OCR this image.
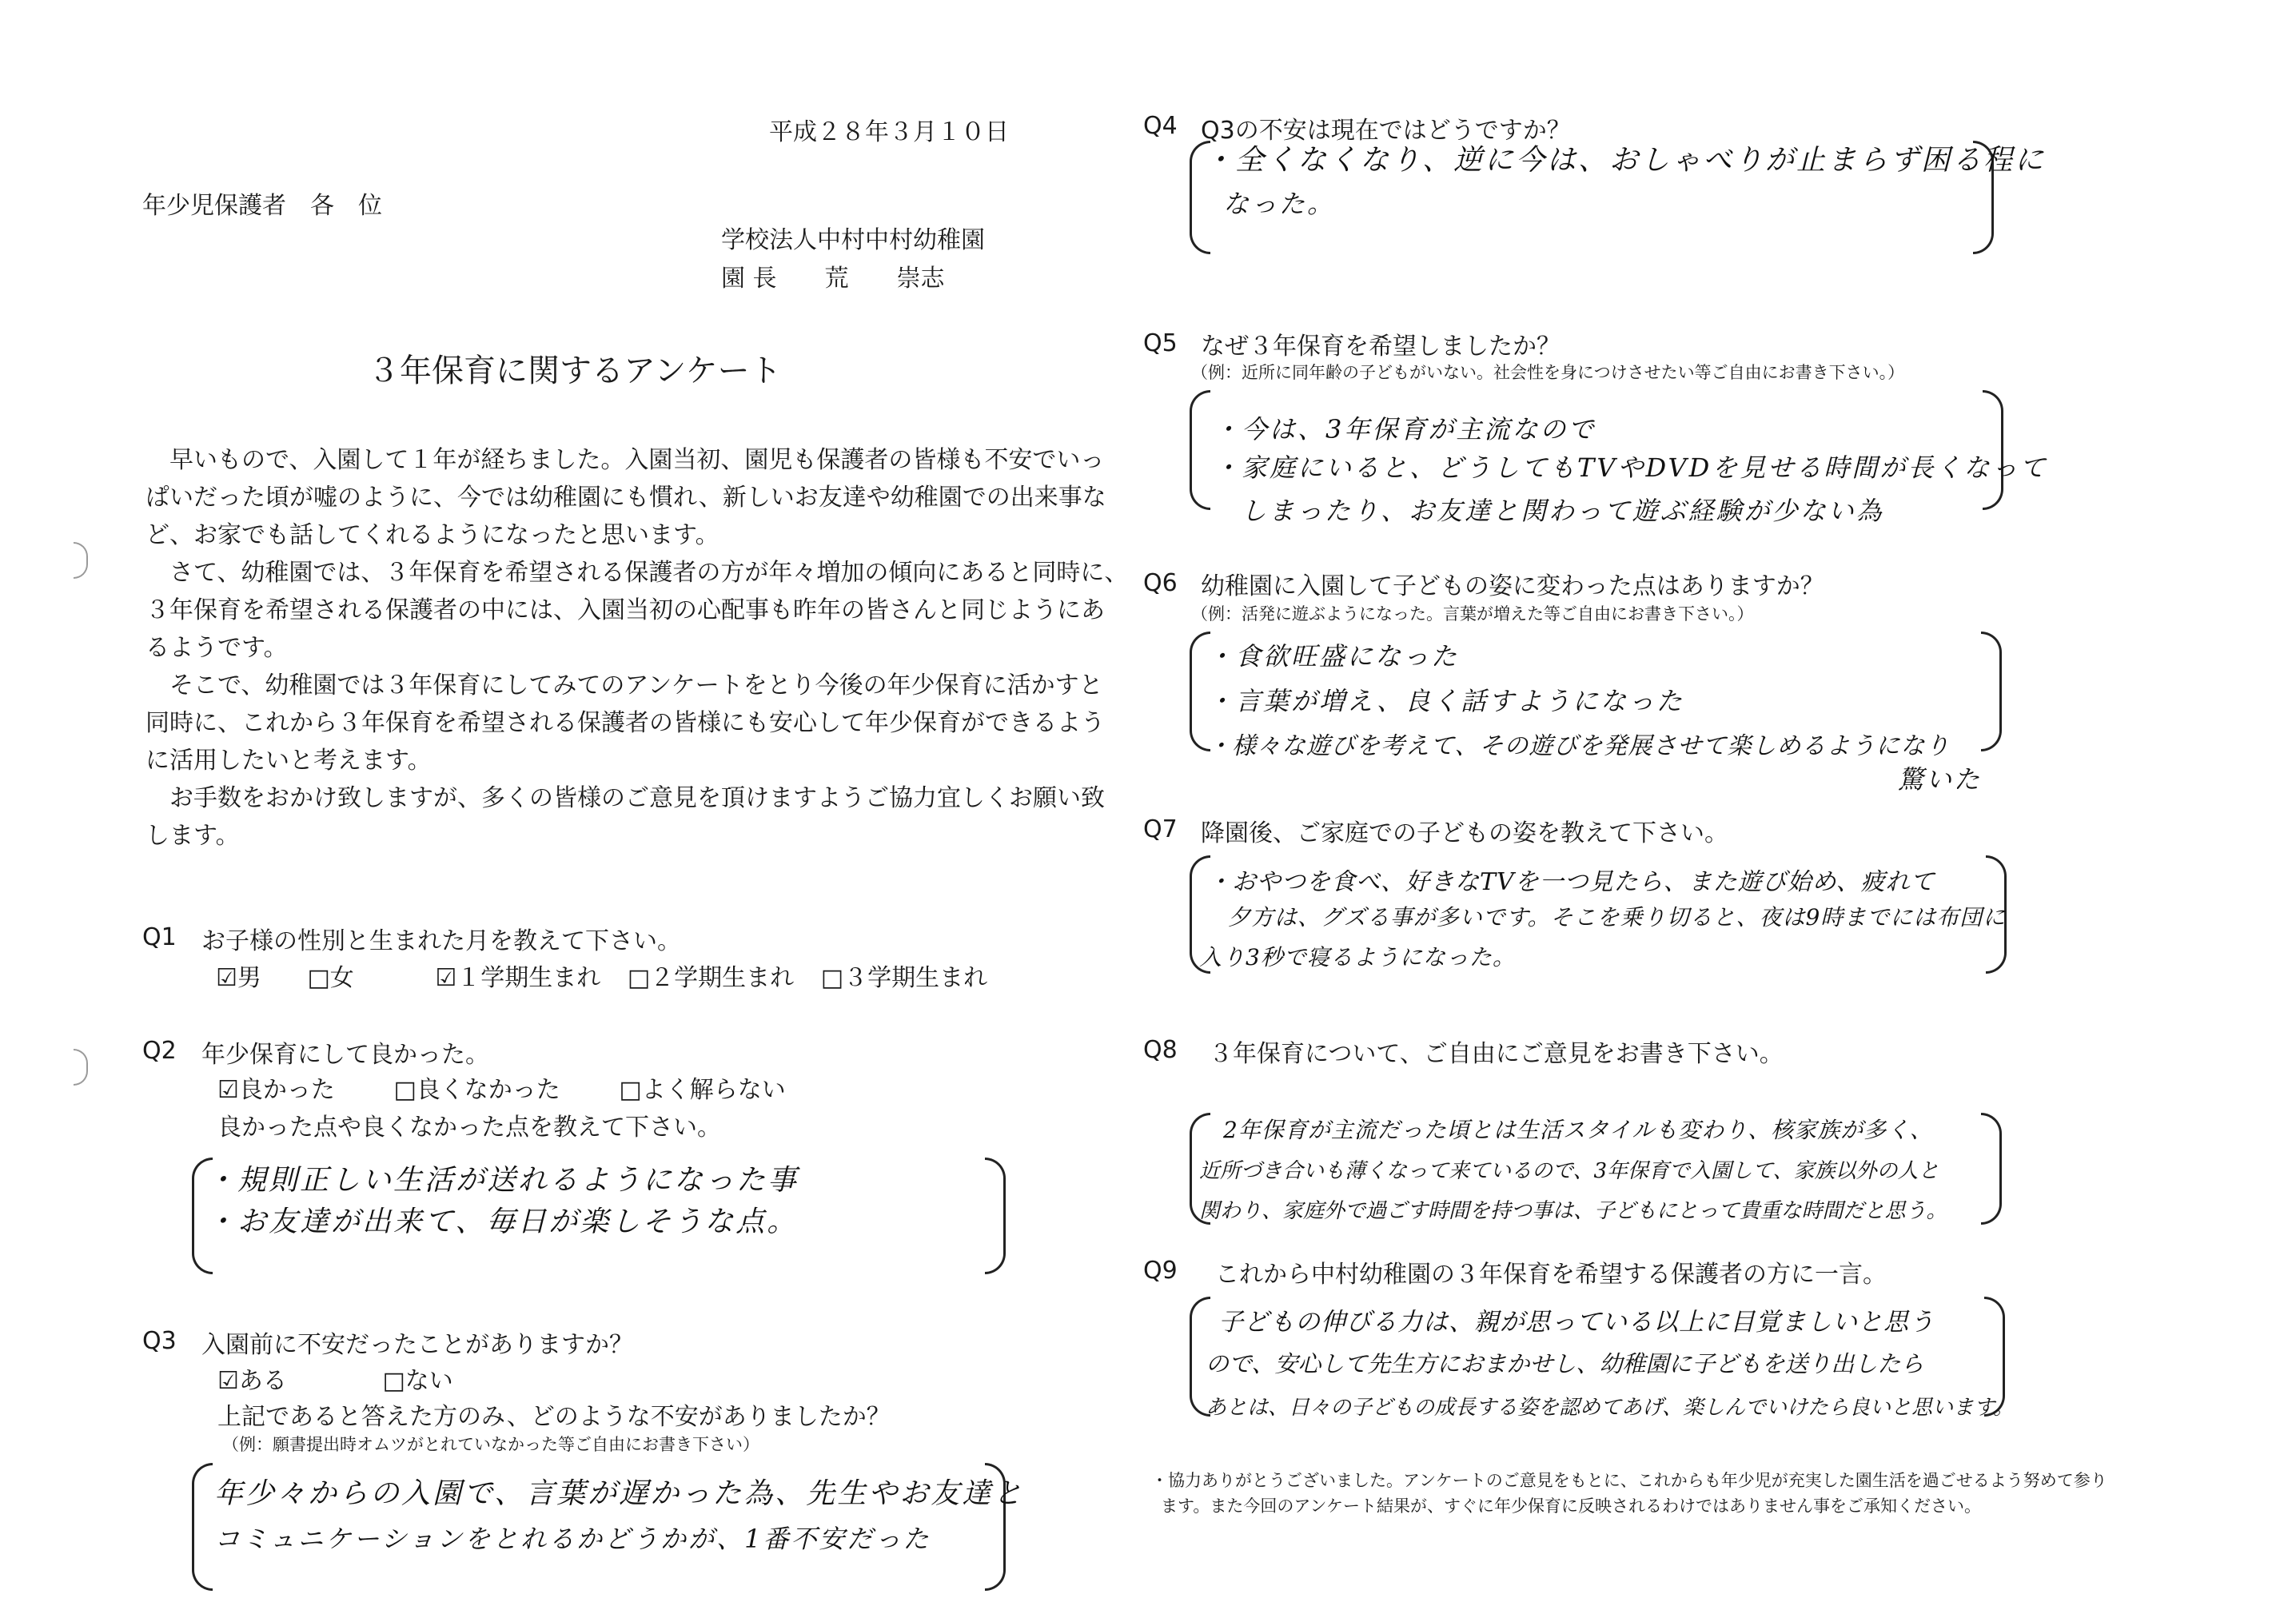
平成２８年３月１０日
年少児保護者　各　位
学校法人中村中村幼稚園
園 長　　荒　　崇志
３年保育に関するアンケート
　早いもので、入園して１年が経ちました。入園当初、園児も保護者の皆様も不安でいっ
ぱいだった頃が嘘のように、今では幼稚園にも慣れ、新しいお友達や幼稚園での出来事な
ど、お家でも話してくれるようになったと思います。
　さて、幼稚園では、３年保育を希望される保護者の方が年々増加の傾向にあると同時に、
３年保育を希望される保護者の中には、入園当初の心配事も昨年の皆さんと同じようにあ
るようです。
　そこで、幼稚園では３年保育にしてみてのアンケートをとり今後の年少保育に活かすと
同時に、これから３年保育を希望される保護者の皆様にも安心して年少保育ができるよう
に活用したいと考えます。
　お手数をおかけ致しますが、多くの皆様のご意見を頂けますようご協力宜しくお願い致
します。
Q1 お子様の性別と生まれた月を教えて下さい。
☑男 □女	☑１学期生まれ □２学期生まれ □３学期生まれ
Q2 年少保育にして良かった。
☑良かった □良くなかった □よく解らない
良かった点や良くなかった点を教えて下さい。
・規則正しい生活が送れるようになった事
・お友達が出来て、毎日が楽しそうな点。
Q3 入園前に不安だったことがありますか？
☑ある	□ない
上記であると答えた方のみ、どのような不安がありましたか？
（例：願書提出時オムツがとれていなかった等ご自由にお書き下さい）
年少々からの入園で、言葉が遅かった為、先生やお友達と
コミュニケーションをとれるかどうかが、1番不安だった
Q4 Q3の不安は現在ではどうですか？
・全くなくなり、逆に今は、おしゃべりが止まらず困る程に
なった。
Q5 なぜ３年保育を希望しましたか？
（例：近所に同年齢の子どもがいない。社会性を身につけさせたい等ご自由にお書き下さい。）
・今は、3年保育が主流なので
・家庭にいると、どうしてもTVやDVDを見せる時間が長くなって
しまったり、お友達と関わって遊ぶ経験が少ない為
Q6 幼稚園に入園して子どもの姿に変わった点はありますか？
（例：活発に遊ぶようになった。言葉が増えた等ご自由にお書き下さい。）
・食欲旺盛になった
・言葉が増え、良く話すようになった
・様々な遊びを考えて、その遊びを発展させて楽しめるようになり
驚いた
Q7 降園後、ご家庭での子どもの姿を教えて下さい。
・おやつを食べ、好きなTVを一つ見たら、また遊び始め、疲れて
夕方は、グズる事が多いです。そこを乗り切ると、夜は9時までには布団に
入り3秒で寝るようになった。
Q8 ３年保育について、ご自由にご意見をお書き下さい。
2年保育が主流だった頃とは生活スタイルも変わり、核家族が多く、
近所づき合いも薄くなって来ているので、3年保育で入園して、家族以外の人と
関わり、家庭外で過ごす時間を持つ事は、子どもにとって貴重な時間だと思う。
Q9 これから中村幼稚園の３年保育を希望する保護者の方に一言。
子どもの伸びる力は、親が思っている以上に目覚ましいと思う
ので、安心して先生方におまかせし、幼稚園に子どもを送り出したら
あとは、日々の子どもの成長する姿を認めてあげ、楽しんでいけたら良いと思います。
・協力ありがとうございました。アンケートのご意見をもとに、これからも年少児が充実した園生活を過ごせるよう努めて参り
ます。また今回のアンケート結果が、すぐに年少保育に反映されるわけではありません事をご承知ください。
